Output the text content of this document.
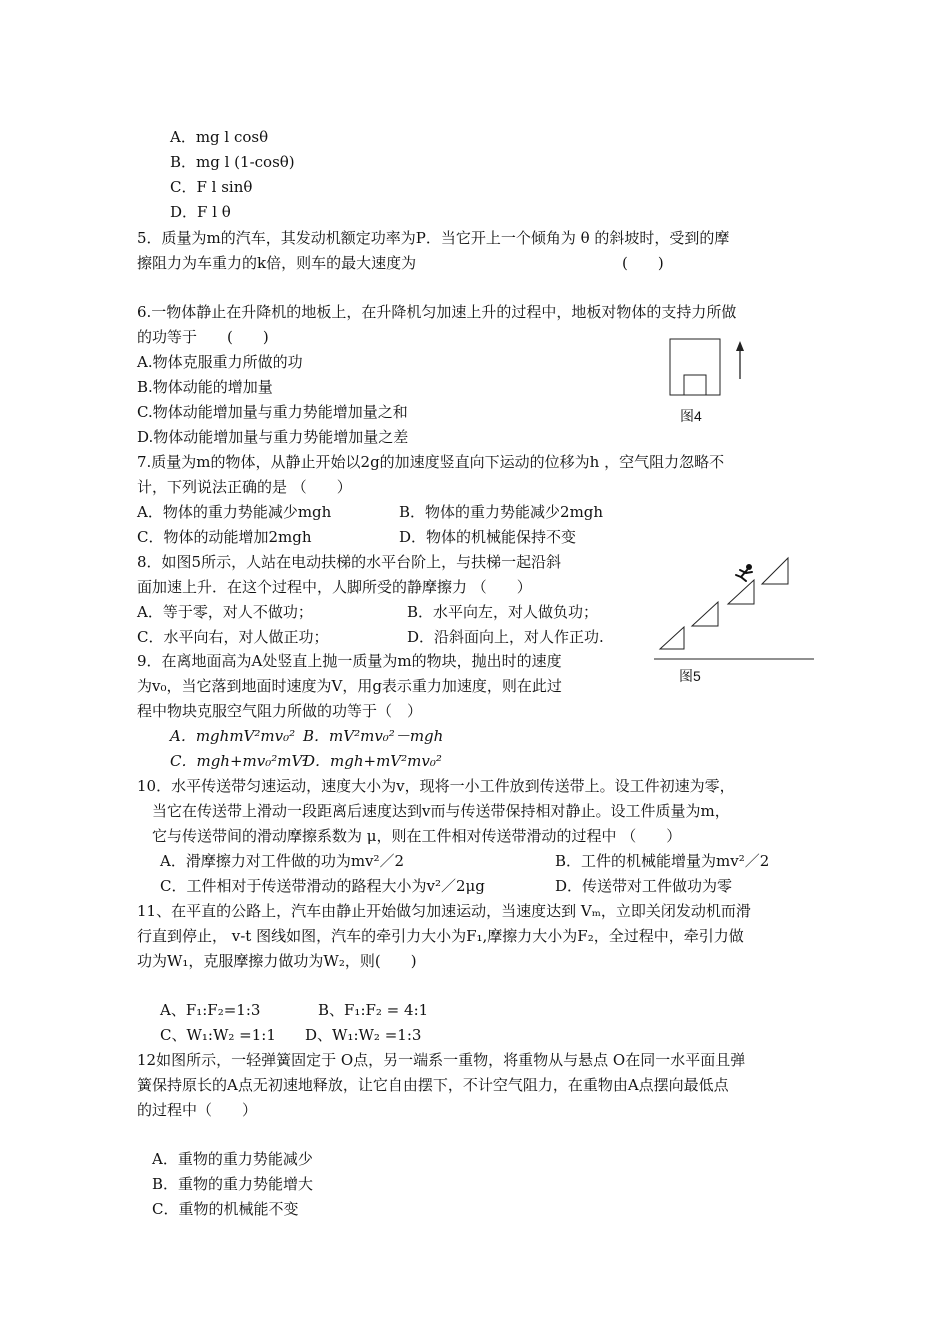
A．mg l cosθ
B．mg l (1-cosθ)
C．F l sinθ
D．F l θ
5．质量为m的汽车，其发动机额定功率为P．当它开上一个倾角为 θ 的斜坡时，受到的摩
擦阻力为车重力的k倍，则车的最大速度为	(　　)
6.一物体静止在升降机的地板上，在升降机匀加速上升的过程中，地板对物体的支持力所做
的功等于　　(　　)
A.物体克服重力所做的功
B.物体动能的增加量
C.物体动能增加量与重力势能增加量之和
D.物体动能增加量与重力势能增加量之差
图4
7.质量为m的物体，从静止开始以2g的加速度竖直向下运动的位移为h ，空气阻力忽略不
计，下列说法正确的是 （　　）
A．物体的重力势能减少mgh	B．物体的重力势能减少2mgh
C．物体的动能增加2mgh	D．物体的机械能保持不变
8．如图5所示，人站在电动扶梯的水平台阶上，与扶梯一起沿斜
面加速上升．在这个过程中，人脚所受的静摩擦力 （　　）
A．等于零，对人不做功；	B．水平向左，对人做负功；
C．水平向右，对人做正功；	D．沿斜面向上，对人作正功.
图5
9．在离地面高为A处竖直上抛一质量为m的物块，抛出时的速度
为v₀，当它落到地面时速度为V，用g表示重力加速度，则在此过
程中物块克服空气阻力所做的功等于（　）
A．mghmV²mv₀² B．mV²mv₀²－mgh
C．mgh+mv₀²mV²
D．mgh+mV²mv₀²
10．水平传送带匀速运动，速度大小为v，现将一小工件放到传送带上。设工件初速为零，
当它在传送带上滑动一段距离后速度达到v而与传送带保持相对静止。设工件质量为m，
它与传送带间的滑动摩擦系数为 μ，则在工件相对传送带滑动的过程中 （　　）
A．滑摩擦力对工件做的功为mv²／2	B．工件的机械能增量为mv²／2
C．工件相对于传送带滑动的路程大小为v²／2μg	D．传送带对工件做功为零
11、在平直的公路上，汽车由静止开始做匀加速运动，当速度达到 Vₘ，立即关闭发动机而滑
行直到停止， v-t 图线如图，汽车的牵引力大小为F₁,摩擦力大小为F₂，全过程中，牵引力做
功为W₁，克服摩擦力做功为W₂，则(　　)
A、F₁:F₂=1:3	B、F₁:F₂ = 4:1
C、W₁:W₂ =1:1 D、W₁:W₂ =1:3
12如图所示，一轻弹簧固定于 O点，另一端系一重物，将重物从与悬点 O在同一水平面且弹
簧保持原长的A点无初速地释放，让它自由摆下，不计空气阻力，在重物由A点摆向最低点
的过程中（　　）
A．重物的重力势能减少
B．重物的重力势能增大
C．重物的机械能不变
